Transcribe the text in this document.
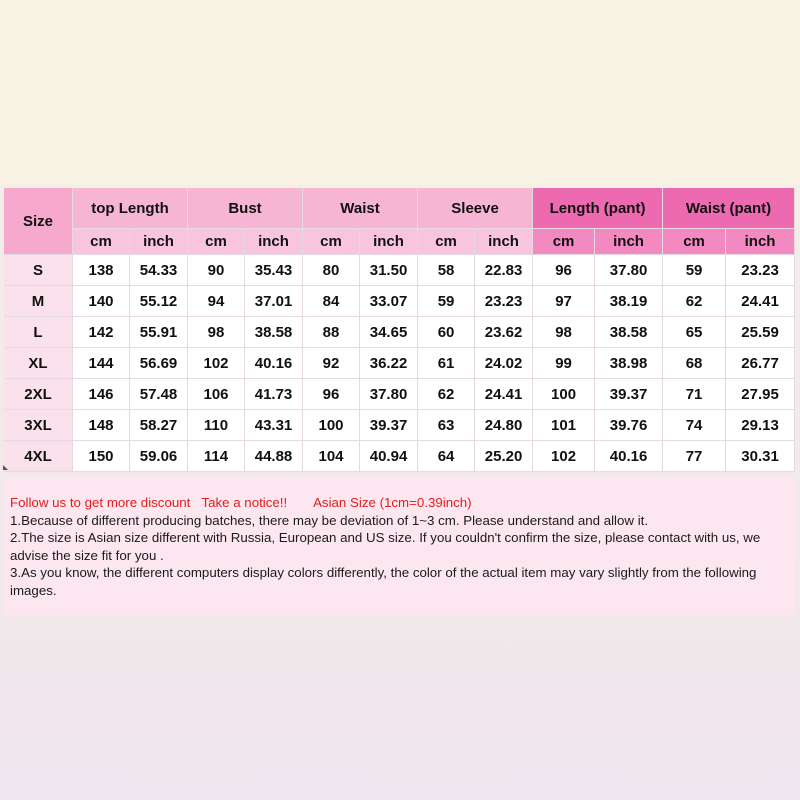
Size	top Length		Bust		Waist		Sleeve		Length (pant)		Waist (pant)	
	cm	inch	cm	inch	cm	inch	cm	inch	cm	inch	cm	inch
S	138	54.33	90	35.43	80	31.50	58	22.83	96	37.80	59	23.23
M	140	55.12	94	37.01	84	33.07	59	23.23	97	38.19	62	24.41
L	142	55.91	98	38.58	88	34.65	60	23.62	98	38.58	65	25.59
XL	144	56.69	102	40.16	92	36.22	61	24.02	99	38.98	68	26.77
2XL	146	57.48	106	41.73	96	37.80	62	24.41	100	39.37	71	27.95
3XL	148	58.27	110	43.31	100	39.37	63	24.80	101	39.76	74	29.13
4XL	150	59.06	114	44.88	104	40.94	64	25.20	102	40.16	77	30.31

Follow us to get more discount Take a notice!! Asian Size (1cm=0.39inch)

1.Because of different producing batches, there may be deviation of 1~3 cm. Please understand and allow it.

2.The size is Asian size different with Russia, European and US size. If you couldn't confirm the size, please contact with us, we advise the size fit for you .

3.As you know, the different computers display colors differently, the color of the actual item may vary slightly from the following images.
